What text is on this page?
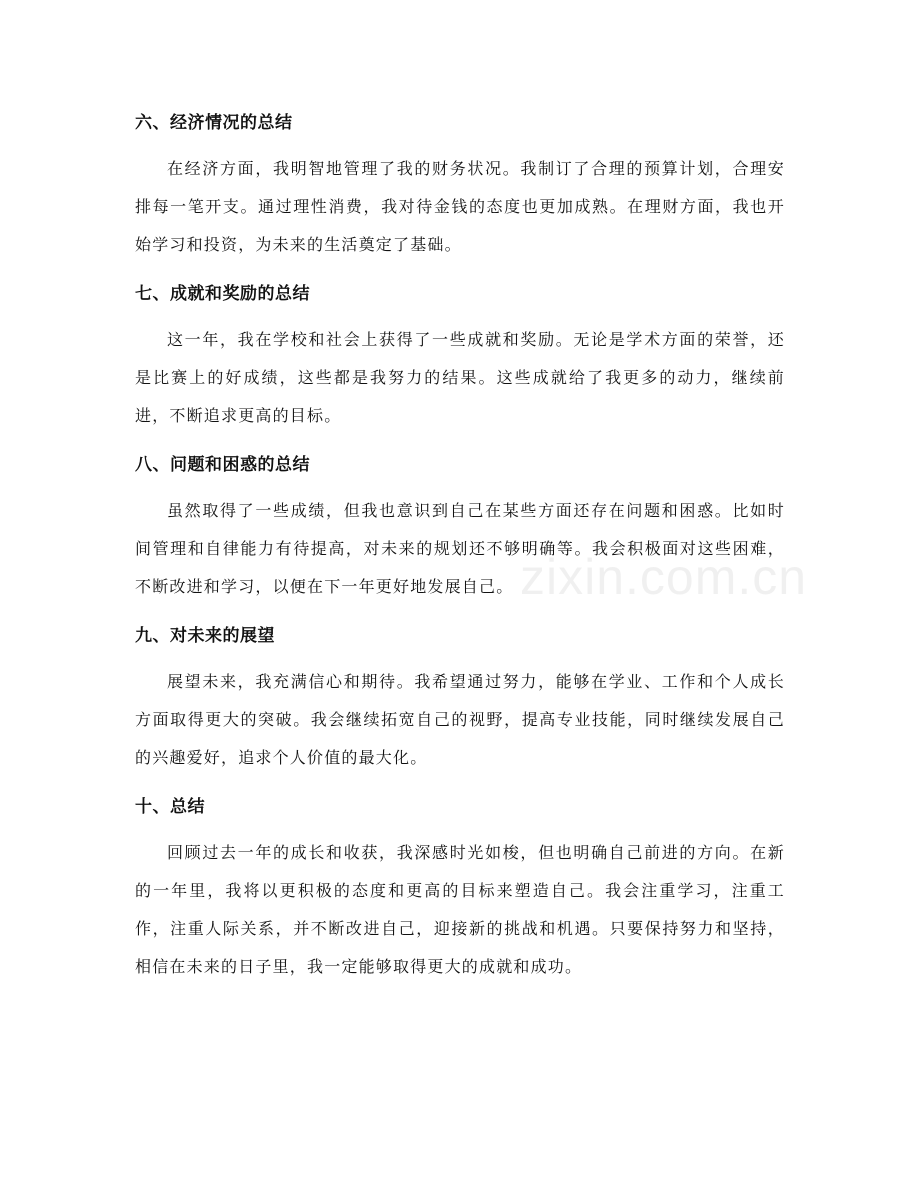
六、经济情况的总结

在经济方面，我明智地管理了我的财务状况。我制订了合理的预算计划，合理安排每一笔开支。通过理性消费，我对待金钱的态度也更加成熟。在理财方面，我也开始学习和投资，为未来的生活奠定了基础。

七、成就和奖励的总结

这一年，我在学校和社会上获得了一些成就和奖励。无论是学术方面的荣誉，还是比赛上的好成绩，这些都是我努力的结果。这些成就给了我更多的动力，继续前进，不断追求更高的目标。

八、问题和困惑的总结

虽然取得了一些成绩，但我也意识到自己在某些方面还存在问题和困惑。比如时间管理和自律能力有待提高，对未来的规划还不够明确等。我会积极面对这些困难，不断改进和学习，以便在下一年更好地发展自己。

九、对未来的展望

展望未来，我充满信心和期待。我希望通过努力，能够在学业、工作和个人成长方面取得更大的突破。我会继续拓宽自己的视野，提高专业技能，同时继续发展自己的兴趣爱好，追求个人价值的最大化。

十、总结

回顾过去一年的成长和收获，我深感时光如梭，但也明确自己前进的方向。在新的一年里，我将以更积极的态度和更高的目标来塑造自己。我会注重学习，注重工作，注重人际关系，并不断改进自己，迎接新的挑战和机遇。只要保持努力和坚持，相信在未来的日子里，我一定能够取得更大的成就和成功。

zixin.com.cn
